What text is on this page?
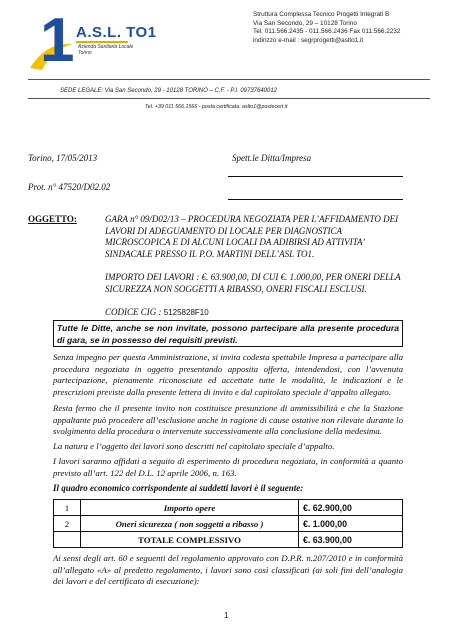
1 A.S.L. TO1
Azienda Sanitaria Locale
Torino
Struttura Complessa Tecnico Progetti Integrati B
Via San Secondo, 29 – 10128 Torino
Tel. 011.566.2435 - 011.566.2436 Fax 011.566.2232
indirizzo e-mail : segrprogetti@aslto1.it
SEDE LEGALE: Via San Secondo, 29 - 10128 TORINO – C.F. - P.I. 09737640012
Tel. +39 011 566.1566 - posta certificata: aslto1@postecert.it
Torino, 17/05/2013	Spett.le Ditta/Impresa
Prot. n° 47520/D02.02
OGGETTO:	GARA n° 09/D02/13 – PROCEDURA NEGOZIATA PER L’AFFIDAMENTO DEI LAVORI DI ADEGUAMENTO DI LOCALE PER DIAGNOSTICA MICROSCOPICA E DI ALCUNI LOCALI DA ADIBIRSI AD ATTIVITA’ SINDACALE PRESSO IL P.O. MARTINI DELL’ASL TO1.
IMPORTO DEI LAVORI : €. 63.900,00, DI CUI €. 1.000,00, PER ONERI DELLA SICUREZZA NON SOGGETTI A RIBASSO, ONERI FISCALI ESCLUSI.
CODICE CIG : 5125828F10
Tutte le Ditte, anche se non invitate, possono partecipare alla presente procedura di gara, se in possesso dei requisiti previsti.
Senza impegno per questa Amministrazione, si invita codesta spettabile Impresa a partecipare alla procedura negoziata in oggetto presentando apposita offerta, intendendosi, con l’avvenuta partecipazione, pienamente riconosciute ed accettate tutte le modalità, le indicazioni e le prescrizioni previste dalla presente lettera di invito e dal capitolato speciale d’appalto allegato.
Resta fermo che il presente invito non costituisce presunzione di ammissibilità e che la Stazione appaltante può procedere all’esclusione anche in ragione di cause ostative non rilevate durante lo svolgimento della procedura o intervenute successivamente alla conclusione della medesima.
La natura e l’oggetto dei lavori sono descritti nel capitolato speciale d’appalto.
I lavori saranno affidati a seguito di esperimento di procedura negoziata, in conformità a quanto previsto all’art. 122 del D.L. 12 aprile 2006, n. 163.
Il quadro economico corrispondente ai suddetti lavori è il seguente:
1	Importo opere	€. 62.900,00
2	Oneri sicurezza ( non soggetti a ribasso )	€. 1.000,00
	TOTALE COMPLESSIVO	€. 63.900,00
Ai sensi degli art. 60 e seguenti del regolamento approvato con D.P.R. n.207/2010 e in conformità all’allegato «A» al predetto regolamento, i lavori sono così classificati (ai soli fini dell’analogia dei lavori e del certificato di esecuzione):
1
